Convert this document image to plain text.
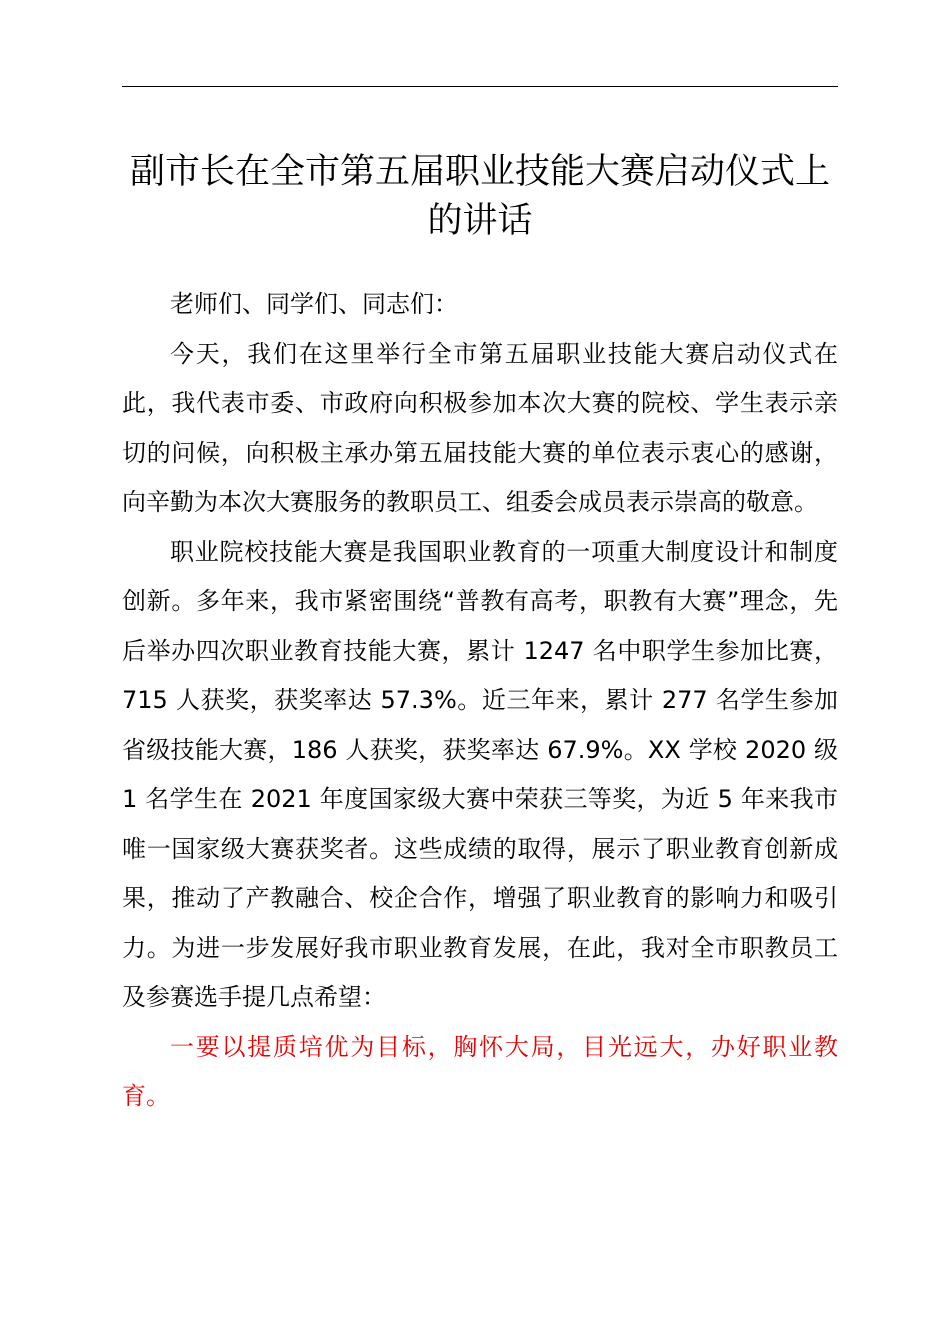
副市长在全市第五届职业技能大赛启动仪式上
的讲话

老师们、同学们、同志们：

今天，我们在这里举行全市第五届职业技能大赛启动仪式在此，我代表市委、市政府向积极参加本次大赛的院校、学生表示亲切的问候，向积极主承办第五届技能大赛的单位表示衷心的感谢，向辛勤为本次大赛服务的教职员工、组委会成员表示崇高的敬意。

职业院校技能大赛是我国职业教育的一项重大制度设计和制度创新。多年来，我市紧密围绕“普教有高考，职教有大赛”理念，先后举办四次职业教育技能大赛，累计 1247 名中职学生参加比赛，715 人获奖，获奖率达 57.3%。近三年来，累计 277 名学生参加省级技能大赛，186 人获奖，获奖率达 67.9%。XX 学校 2020 级 1 名学生在 2021 年度国家级大赛中荣获三等奖，为近 5 年来我市唯一国家级大赛获奖者。这些成绩的取得，展示了职业教育创新成果，推动了产教融合、校企合作，增强了职业教育的影响力和吸引力。为进一步发展好我市职业教育发展，在此，我对全市职教员工及参赛选手提几点希望：

一要以提质培优为目标，胸怀大局，目光远大，办好职业教育。
